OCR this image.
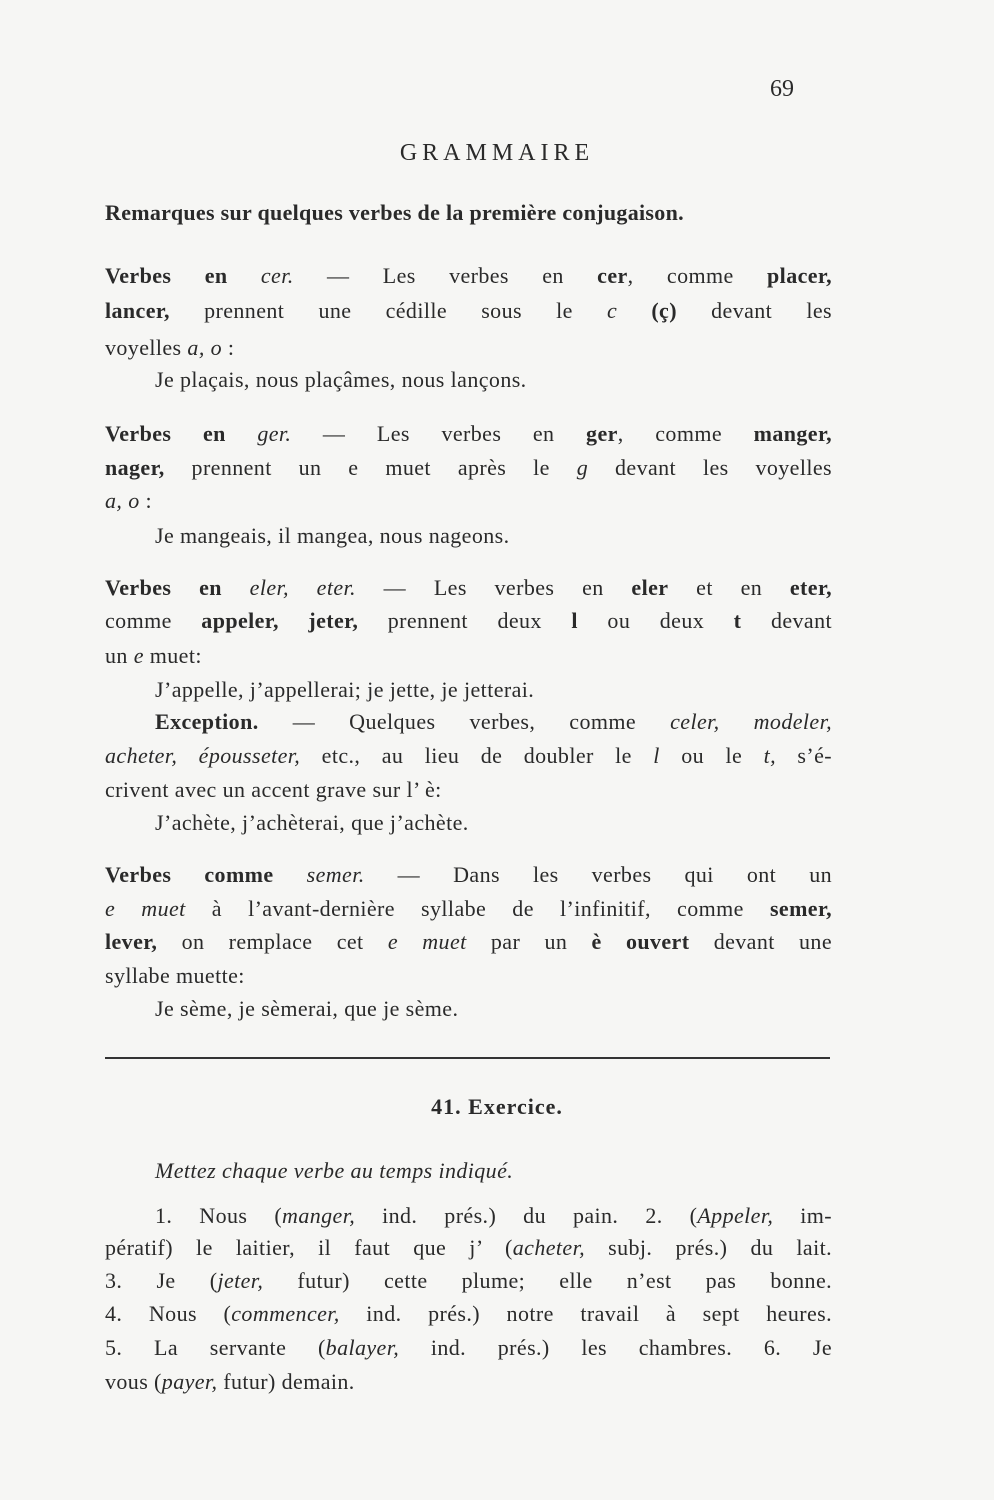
69
GRAMMAIRE
Remarques sur quelques verbes de la première conjugaison.
Verbes en cer. — Les verbes en cer, comme placer,
lancer, prennent une cédille sous le c (ç) devant les
voyelles a, o :
Je plaçais, nous plaçâmes, nous lançons.
Verbes en ger. — Les verbes en ger, comme manger,
nager, prennent un e muet après le g devant les voyelles
a, o :
Je mangeais, il mangea, nous nageons.
Verbes en eler, eter. — Les verbes en eler et en eter,
comme appeler, jeter, prennent deux l ou deux t devant
un e muet:
J’appelle, j’appellerai; je jette, je jetterai.
Exception. — Quelques verbes, comme celer, modeler,
acheter, épousseter, etc., au lieu de doubler le l ou le t, s’é-
crivent avec un accent grave sur l’ è:
J’achète, j’achèterai, que j’achète.
Verbes comme semer. — Dans les verbes qui ont un
e muet à l’avant-dernière syllabe de l’infinitif, comme semer,
lever, on remplace cet e muet par un è ouvert devant une
syllabe muette:
Je sème, je sèmerai, que je sème.
41. Exercice.
Mettez chaque verbe au temps indiqué.
1. Nous (manger, ind. prés.) du pain. 2. (Appeler, im-
pératif) le laitier, il faut que j’ (acheter, subj. prés.) du lait.
3. Je (jeter, futur) cette plume; elle n’est pas bonne.
4. Nous (commencer, ind. prés.) notre travail à sept heures.
5. La servante (balayer, ind. prés.) les chambres. 6. Je
vous (payer, futur) demain.
